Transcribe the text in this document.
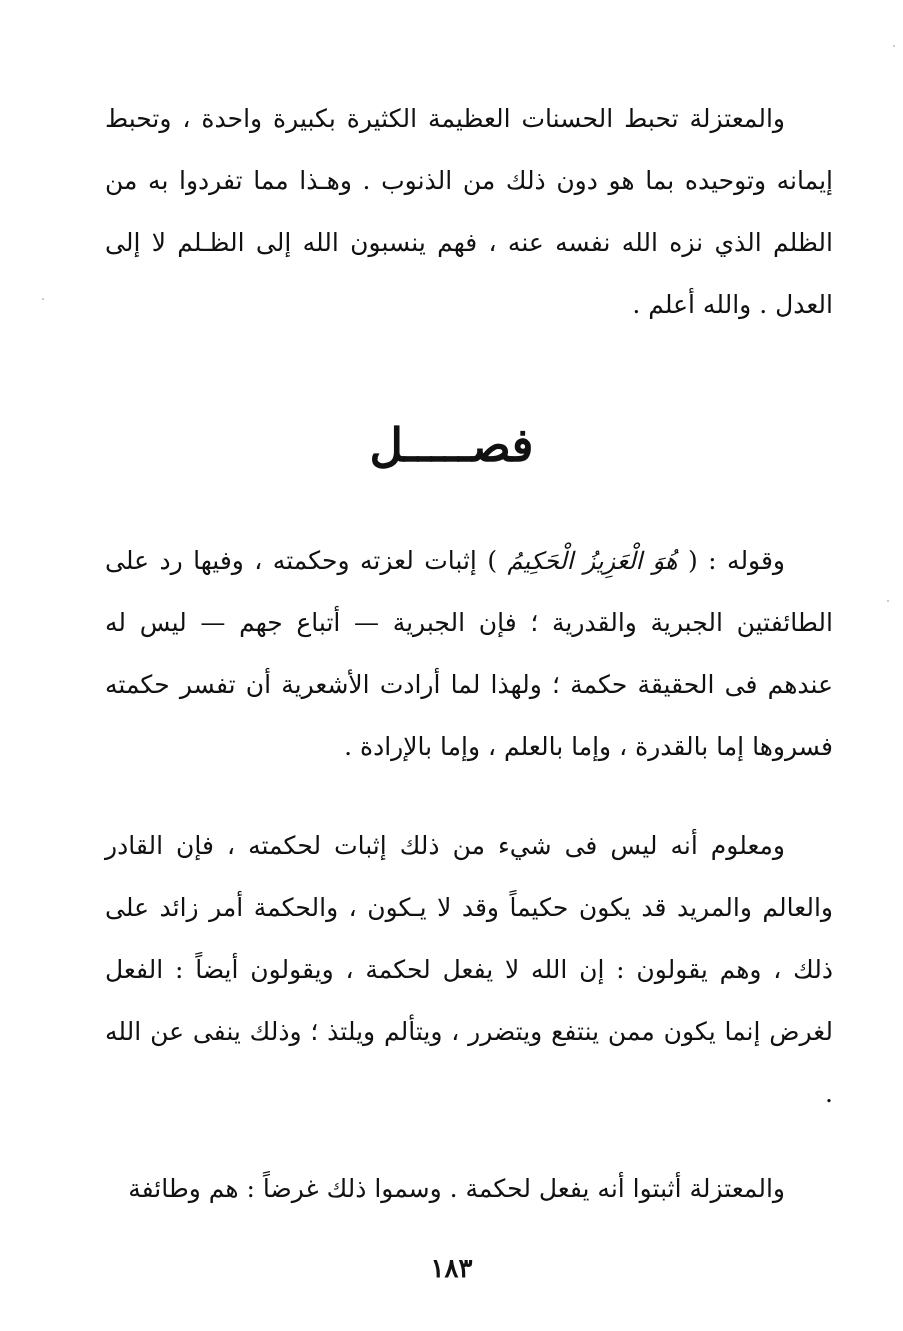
والمعتزلة تحبط الحسنات العظيمة الكثيرة بكبيرة واحدة ، وتحبط إيمانه وتوحيده بما هو دون ذلك من الذنوب . وهـذا مما تفردوا به من الظلم الذي نزه الله نفسه عنه ، فهم ينسبون الله إلى الظـلم لا إلى العدل . والله أعلم .
فصـــــل
وقوله : ( هُوَ الْعَزِيزُ الْحَكِيمُ ) إثبات لعزته وحكمته ، وفيها رد على الطائفتين الجبرية والقدرية ؛ فإن الجبرية — أتباع جهم — ليس له عندهم فى الحقيقة حكمة ؛ ولهذا لما أرادت الأشعرية أن تفسر حكمته فسروها إما بالقدرة ، وإما بالعلم ، وإما بالإرادة .
ومعلوم أنه ليس فى شيء من ذلك إثبات لحكمته ، فإن القادر والعالم والمريد قد يكون حكيماً وقد لا يـكون ، والحكمة أمر زائد على ذلك ، وهم يقولون : إن الله لا يفعل لحكمة ، ويقولون أيضاً : الفعل لغرض إنما يكون ممن ينتفع ويتضرر ، ويتألم ويلتذ ؛ وذلك ينفى عن الله .
والمعتزلة أثبتوا أنه يفعل لحكمة . وسموا ذلك غرضاً : هم وطائفة
١٨٣
